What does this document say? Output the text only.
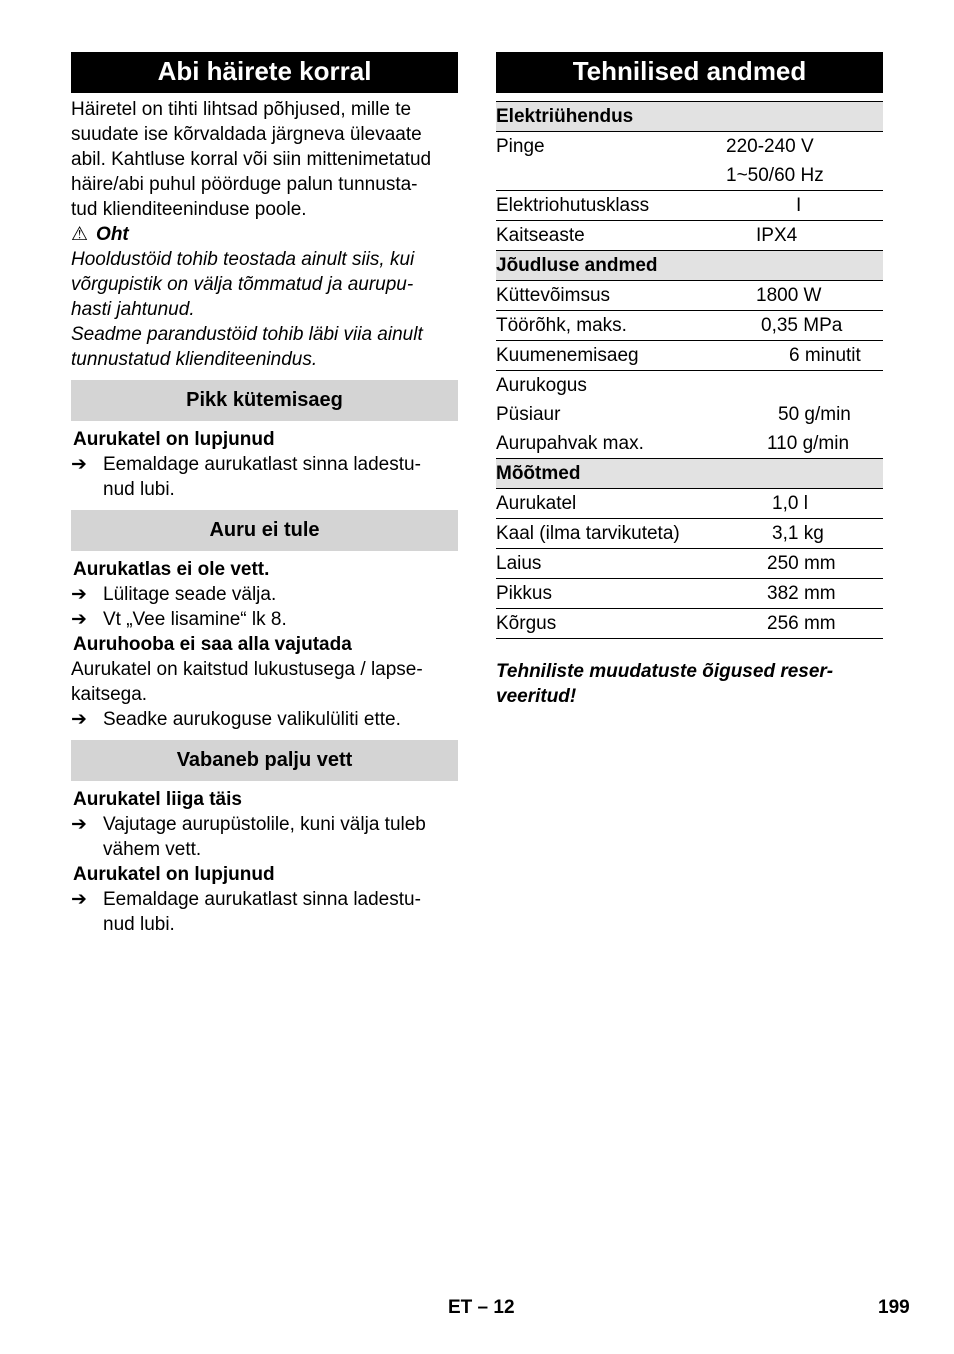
Abi häirete korral
Häiretel on tihti lihtsad põhjused, mille te
suudate ise kõrvaldada järgneva ülevaate
abil. Kahtluse korral või siin mittenimetatud
häire/abi puhul pöörduge palun tunnusta-
tud klienditeeninduse poole.
⚠ Oht
Hooldustöid tohib teostada ainult siis, kui
võrgupistik on välja tõmmatud ja aurupu-
hasti jahtunud.
Seadme parandustöid tohib läbi viia ainult
tunnustatud klienditeenindus.
Pikk kütemisaeg
Aurukatel on lupjunud
➔ Eemaldage aurukatlast sinna ladestu-
nud lubi.
Auru ei tule
Aurukatlas ei ole vett.
➔ Lülitage seade välja.
➔ Vt „Vee lisamine“ lk 8.
Auruhooba ei saa alla vajutada
Aurukatel on kaitstud lukustusega / lapse-
kaitsega.
➔ Seadke aurukoguse valikulüliti ette.
Vabaneb palju vett
Aurukatel liiga täis
➔ Vajutage aurupüstolile, kuni välja tuleb
vähem vett.
Aurukatel on lupjunud
➔ Eemaldage aurukatlast sinna ladestu-
nud lubi.
Tehnilised andmed
Elektriühendus
Pinge	220-240 V
1~50/60 Hz
Elektriohutusklass	I
Kaitseaste	IPX4
Jõudluse andmed
Küttevõimsus	1800 W
Töörõhk, maks.	0,35 MPa
Kuumenemisaeg	6 minutit
Aurukogus
Püsiaur	50 g/min
Aurupahvak max.	110 g/min
Mõõtmed
Aurukatel	1,0 l
Kaal (ilma tarvikuteta)	3,1 kg
Laius	250 mm
Pikkus	382 mm
Kõrgus	256 mm
Tehniliste muudatuste õigused reser-
veeritud!
ET – 12	199
